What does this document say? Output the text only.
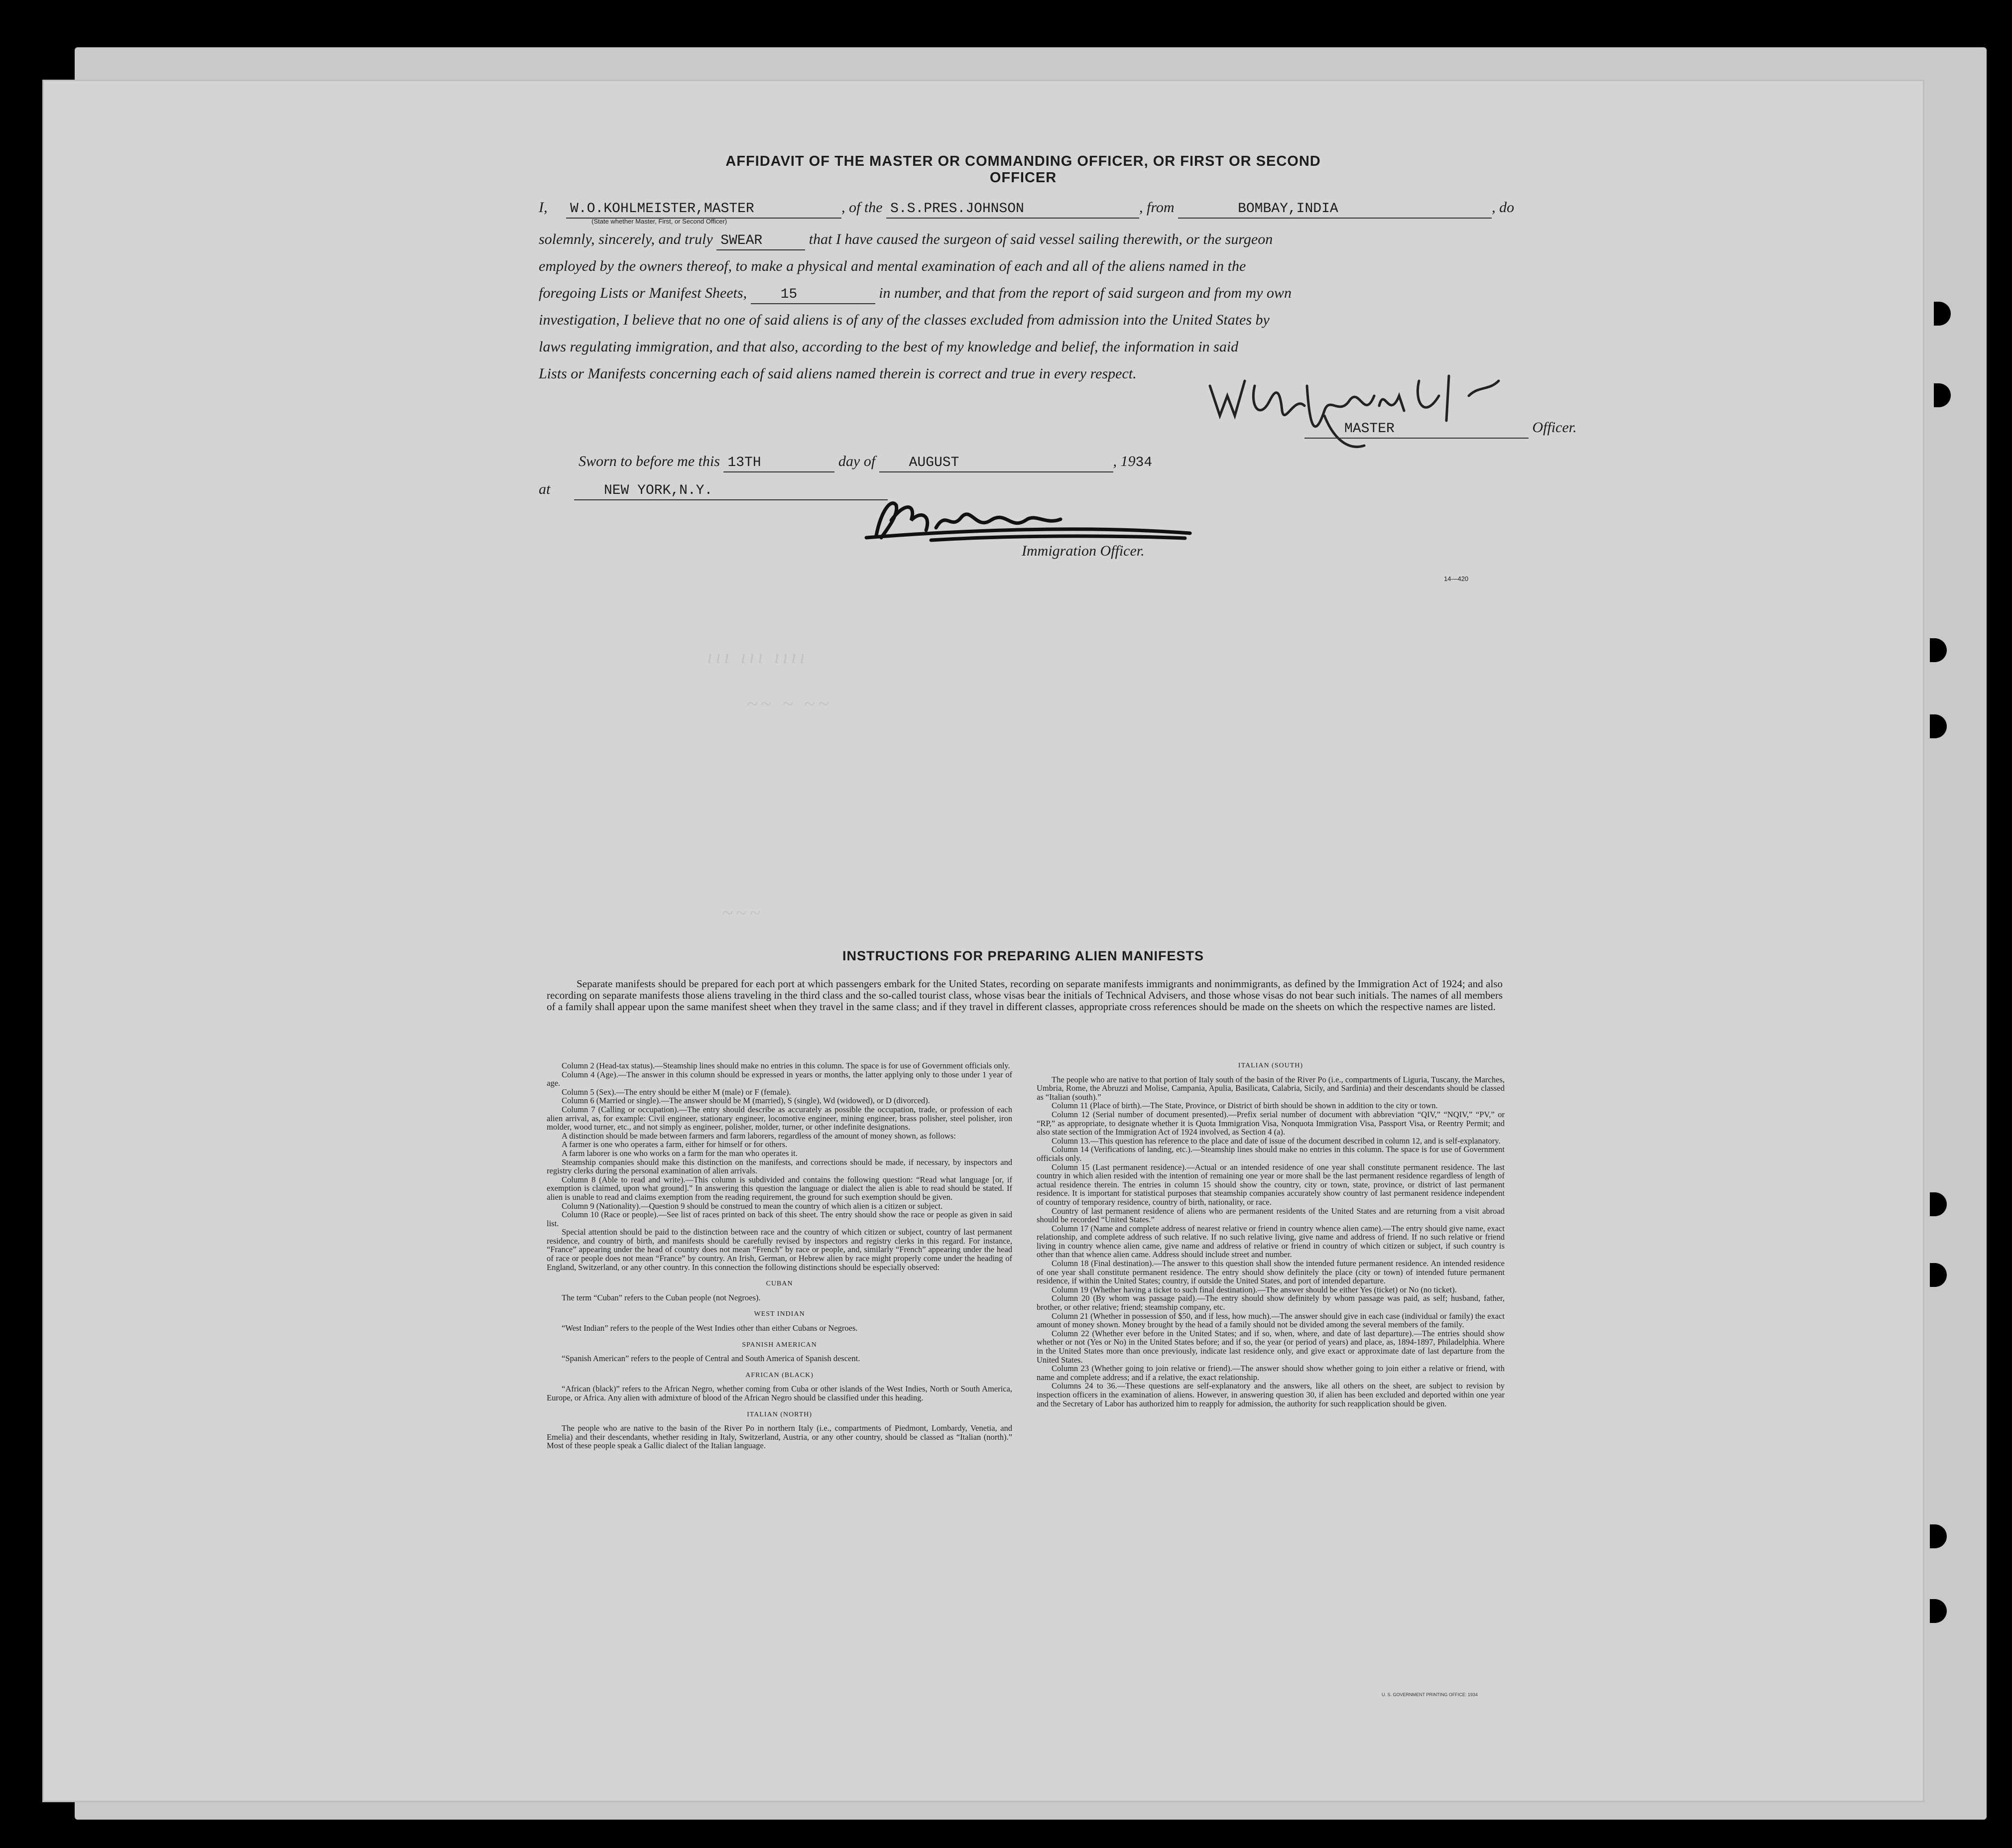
AFFIDAVIT OF THE MASTER OR COMMANDING OFFICER, OR FIRST OR SECOND OFFICER
I, W.O.KOHLMEISTER,MASTER	, of the S.S.PRES.JOHNSON	, from	BOMBAY,INDIA	, do
(State whether Master, First, or Second Officer)
solemnly, sincerely, and truly SWEAR	that I have caused the surgeon of said vessel sailing therewith, or the surgeon
employed by the owners thereof, to make a physical and mental examination of each and all of the aliens named in the
foregoing Lists or Manifest Sheets, 15	in number, and that from the report of said surgeon and from my own
investigation, I believe that no one of said aliens is of any of the classes excluded from admission into the United States by
laws regulating immigration, and that also, according to the best of my knowledge and belief, the information in said
Lists or Manifests concerning each of said aliens named therein is correct and true in every respect.
MASTER	Officer.
Sworn to before me this 13TH	day of AUGUST	, 1934
at	NEW YORK,N.Y.
Immigration Officer.
14—420
ııı ııı ıııı
~~ ~ ~~
~~~
INSTRUCTIONS FOR PREPARING ALIEN MANIFESTS
Separate manifests should be prepared for each port at which passengers embark for the United States, recording on separate manifests immigrants and nonimmigrants, as defined by the Immigration Act of 1924; and also recording on separate manifests those aliens traveling in the third class and the so-called tourist class, whose visas bear the initials of Technical Advisers, and those whose visas do not bear such initials. The names of all members of a family shall appear upon the same manifest sheet when they travel in the same class; and if they travel in different classes, appropriate cross references should be made on the sheets on which the respective names are listed.

Column 2 (Head-tax status).—Steamship lines should make no entries in this column. The space is for use of Government officials only.

Column 4 (Age).—The answer in this column should be expressed in years or months, the latter applying only to those under 1 year of age.

Column 5 (Sex).—The entry should be either M (male) or F (female).

Column 6 (Married or single).—The answer should be M (married), S (single), Wd (widowed), or D (divorced).

Column 7 (Calling or occupation).—The entry should describe as accurately as possible the occupation, trade, or profession of each alien arrival, as, for example: Civil engineer, stationary engineer, locomotive engineer, mining engineer, brass polisher, steel polisher, iron molder, wood turner, etc., and not simply as engineer, polisher, molder, turner, or other indefinite designations.

A distinction should be made between farmers and farm laborers, regardless of the amount of money shown, as follows:

A farmer is one who operates a farm, either for himself or for others.

A farm laborer is one who works on a farm for the man who operates it.

Steamship companies should make this distinction on the manifests, and corrections should be made, if necessary, by inspectors and registry clerks during the personal examination of alien arrivals.

Column 8 (Able to read and write).—This column is subdivided and contains the following question: “Read what language [or, if exemption is claimed, upon what ground].” In answering this question the language or dialect the alien is able to read should be stated. If alien is unable to read and claims exemption from the reading requirement, the ground for such exemption should be given.

Column 9 (Nationality).—Question 9 should be construed to mean the country of which alien is a citizen or subject.

Column 10 (Race or people).—See list of races printed on back of this sheet. The entry should show the race or people as given in said list.

Special attention should be paid to the distinction between race and the country of which citizen or subject, country of last permanent residence, and country of birth, and manifests should be carefully revised by inspectors and registry clerks in this regard. For instance, “France” appearing under the head of country does not mean “French” by race or people, and, similarly “French” appearing under the head of race or people does not mean “France” by country. An Irish, German, or Hebrew alien by race might properly come under the heading of England, Switzerland, or any other country. In this connection the following distinctions should be especially observed:

CUBAN

The term “Cuban” refers to the Cuban people (not Negroes).

WEST INDIAN

“West Indian” refers to the people of the West Indies other than either Cubans or Negroes.

SPANISH AMERICAN

“Spanish American” refers to the people of Central and South America of Spanish descent.

AFRICAN (BLACK)

“African (black)” refers to the African Negro, whether coming from Cuba or other islands of the West Indies, North or South America, Europe, or Africa. Any alien with admixture of blood of the African Negro should be classified under this heading.

ITALIAN (NORTH)

The people who are native to the basin of the River Po in northern Italy (i.e., compartments of Piedmont, Lombardy, Venetia, and Emelia) and their descendants, whether residing in Italy, Switzerland, Austria, or any other country, should be classed as “Italian (north).” Most of these people speak a Gallic dialect of the Italian language.

ITALIAN (SOUTH)

The people who are native to that portion of Italy south of the basin of the River Po (i.e., compartments of Liguria, Tuscany, the Marches, Umbria, Rome, the Abruzzi and Molise, Campania, Apulia, Basilicata, Calabria, Sicily, and Sardinia) and their descendants should be classed as “Italian (south).”

Column 11 (Place of birth).—The State, Province, or District of birth should be shown in addition to the city or town.

Column 12 (Serial number of document presented).—Prefix serial number of document with abbreviation “QIV,” “NQIV,” “PV,” or “RP,” as appropriate, to designate whether it is Quota Immigration Visa, Nonquota Immigration Visa, Passport Visa, or Reentry Permit; and also state section of the Immigration Act of 1924 involved, as Section 4 (a).

Column 13.—This question has reference to the place and date of issue of the document described in column 12, and is self-explanatory.

Column 14 (Verifications of landing, etc.).—Steamship lines should make no entries in this column. The space is for use of Government officials only.

Column 15 (Last permanent residence).—Actual or an intended residence of one year shall constitute permanent residence. The last country in which alien resided with the intention of remaining one year or more shall be the last permanent residence regardless of length of actual residence therein. The entries in column 15 should show the country, city or town, state, province, or district of last permanent residence. It is important for statistical purposes that steamship companies accurately show country of last permanent residence independent of country of temporary residence, country of birth, nationality, or race.

Country of last permanent residence of aliens who are permanent residents of the United States and are returning from a visit abroad should be recorded “United States.”

Column 17 (Name and complete address of nearest relative or friend in country whence alien came).—The entry should give name, exact relationship, and complete address of such relative. If no such relative living, give name and address of friend. If no such relative or friend living in country whence alien came, give name and address of relative or friend in country of which citizen or subject, if such country is other than that whence alien came. Address should include street and number.

Column 18 (Final destination).—The answer to this question shall show the intended future permanent residence. An intended residence of one year shall constitute permanent residence. The entry should show definitely the place (city or town) of intended future permanent residence, if within the United States; country, if outside the United States, and port of intended departure.

Column 19 (Whether having a ticket to such final destination).—The answer should be either Yes (ticket) or No (no ticket).

Column 20 (By whom was passage paid).—The entry should show definitely by whom passage was paid, as self; husband, father, brother, or other relative; friend; steamship company, etc.

Column 21 (Whether in possession of $50, and if less, how much).—The answer should give in each case (individual or family) the exact amount of money shown. Money brought by the head of a family should not be divided among the several members of the family.

Column 22 (Whether ever before in the United States; and if so, when, where, and date of last departure).—The entries should show whether or not (Yes or No) in the United States before; and if so, the year (or period of years) and place, as, 1894-1897, Philadelphia. Where in the United States more than once previously, indicate last residence only, and give exact or approximate date of last departure from the United States.

Column 23 (Whether going to join relative or friend).—The answer should show whether going to join either a relative or friend, with name and complete address; and if a relative, the exact relationship.

Columns 24 to 36.—These questions are self-explanatory and the answers, like all others on the sheet, are subject to revision by inspection officers in the examination of aliens. However, in answering question 30, if alien has been excluded and deported within one year and the Secretary of Labor has authorized him to reapply for admission, the authority for such reapplication should be given.

U. S. GOVERNMENT PRINTING OFFICE: 1934
